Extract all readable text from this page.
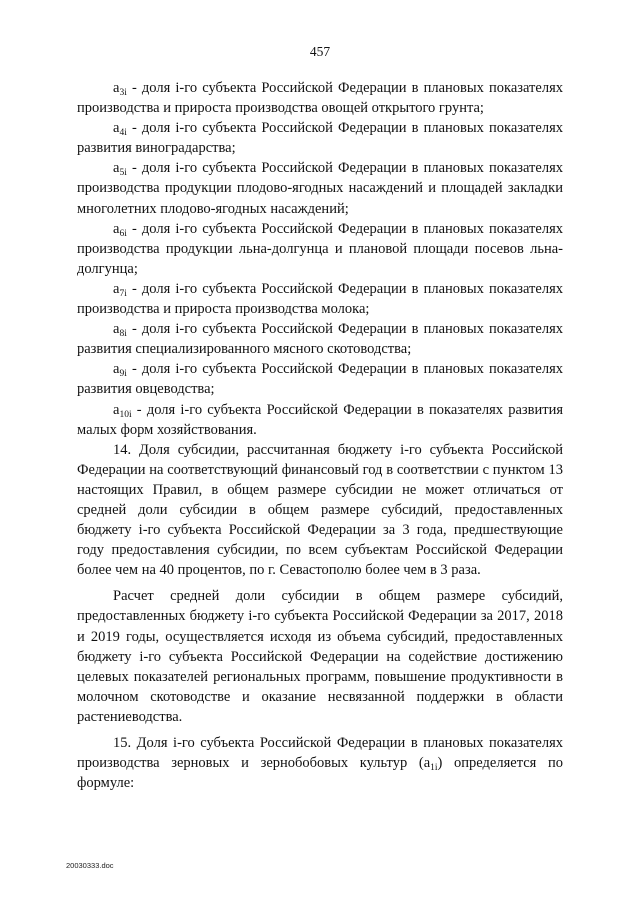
457

$a_{3i}$ - доля i-го субъекта Российской Федерации в плановых показателях производства и прироста производства овощей открытого грунта;

$a_{4i}$ - доля i-го субъекта Российской Федерации в плановых показателях развития виноградарства;

$a_{5i}$ - доля i-го субъекта Российской Федерации в плановых показателях производства продукции плодово-ягодных насаждений и площадей закладки многолетних плодово-ягодных насаждений;

$a_{6i}$ - доля i-го субъекта Российской Федерации в плановых показателях производства продукции льна-долгунца и плановой площади посевов льна-долгунца;

$a_{7i}$ - доля i-го субъекта Российской Федерации в плановых показателях производства и прироста производства молока;

$a_{8i}$ - доля i-го субъекта Российской Федерации в плановых показателях развития специализированного мясного скотоводства;

$a_{9i}$ - доля i-го субъекта Российской Федерации в плановых показателях развития овцеводства;

$a_{10i}$ - доля i-го субъекта Российской Федерации в показателях развития малых форм хозяйствования.

14. Доля субсидии, рассчитанная бюджету i-го субъекта Российской Федерации на соответствующий финансовый год в соответствии с пунктом 13 настоящих Правил, в общем размере субсидии не может отличаться от средней доли субсидии в общем размере субсидий, предоставленных бюджету i-го субъекта Российской Федерации за 3 года, предшествующие году предоставления субсидии, по всем субъектам Российской Федерации более чем на 40 процентов, по г. Севастополю более чем в 3 раза.

Расчет средней доли субсидии в общем размере субсидий, предоставленных бюджету i-го субъекта Российской Федерации за 2017, 2018 и 2019 годы, осуществляется исходя из объема субсидий, предоставленных бюджету i-го субъекта Российской Федерации на содействие достижению целевых показателей региональных программ, повышение продуктивности в молочном скотоводстве и оказание несвязанной поддержки в области растениеводства.

15. Доля i-го субъекта Российской Федерации в плановых показателях производства зерновых и зернобобовых культур $(a_{1i})$ определяется по формуле:

20030333.doc
